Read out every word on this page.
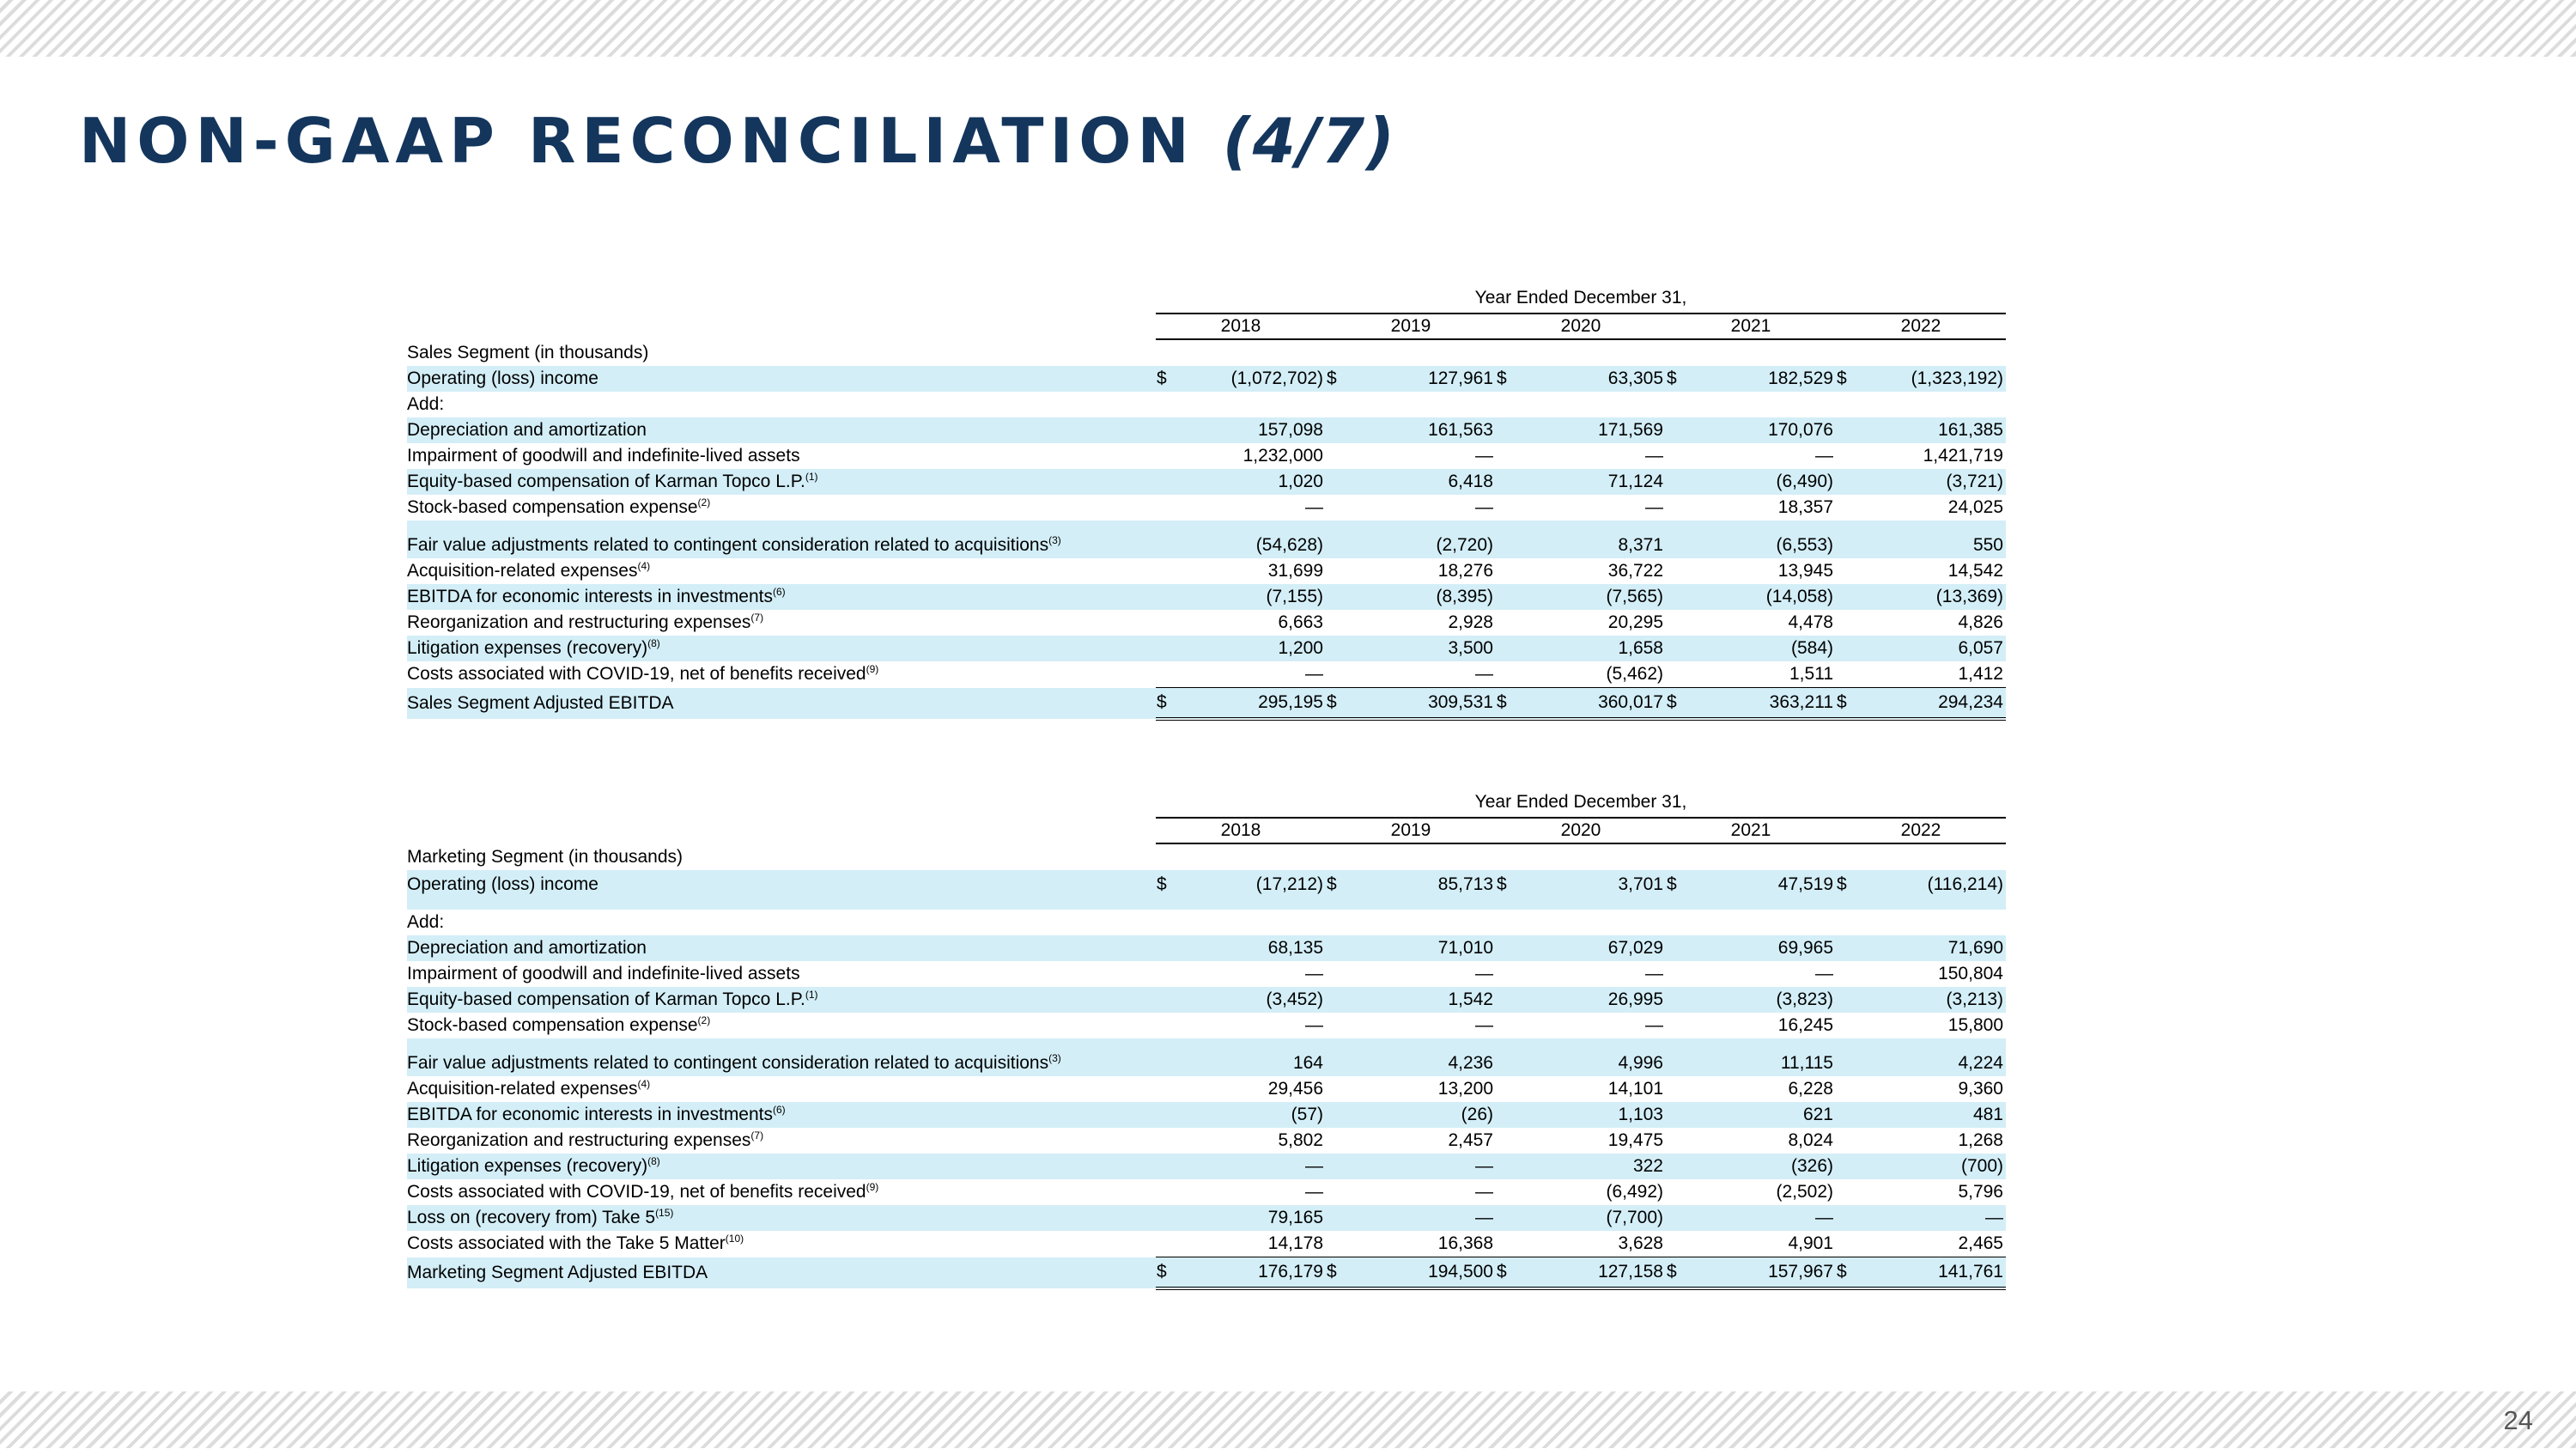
NON-GAAP RECONCILIATION (4/7)
	Year Ended December 31,									
	2018		2019		2020		2021		2022	
Sales Segment (in thousands)										
Operating (loss) income	$	(1,072,702)	$	127,961	$	63,305	$	182,529	$	(1,323,192)
Add:										
Depreciation and amortization		157,098		161,563		171,569		170,076		161,385
Impairment of goodwill and indefinite-lived assets		1,232,000		—		—		—		1,421,719
Equity-based compensation of Karman Topco L.P.$^{(1)}$		1,020		6,418		71,124		(6,490)		(3,721)
Stock-based compensation expense$^{(2)}$		—		—		—		18,357		24,025

Fair value adjustments related to contingent consideration related to acquisitions$^{(3)}$		(54,628)		(2,720)		8,371		(6,553)		550
Acquisition-related expenses$^{(4)}$		31,699		18,276		36,722		13,945		14,542
EBITDA for economic interests in investments$^{(6)}$		(7,155)		(8,395)		(7,565)		(14,058)		(13,369)
Reorganization and restructuring expenses$^{(7)}$		6,663		2,928		20,295		4,478		4,826
Litigation expenses (recovery)$^{(8)}$		1,200		3,500		1,658		(584)		6,057
Costs associated with COVID-19, net of benefits received$^{(9)}$		—		—		(5,462)		1,511		1,412
Sales Segment Adjusted EBITDA	$	295,195	$	309,531	$	360,017	$	363,211	$	294,234
	Year Ended December 31,									
	2018		2019		2020		2021		2022	
Marketing Segment (in thousands)										
Operating (loss) income	$	(17,212)	$	85,713	$	3,701	$	47,519	$	(116,214)
Add:										
Depreciation and amortization		68,135		71,010		67,029		69,965		71,690
Impairment of goodwill and indefinite-lived assets		—		—		—		—		150,804
Equity-based compensation of Karman Topco L.P.$^{(1)}$		(3,452)		1,542		26,995		(3,823)		(3,213)
Stock-based compensation expense$^{(2)}$		—		—		—		16,245		15,800

Fair value adjustments related to contingent consideration related to acquisitions$^{(3)}$		164		4,236		4,996		11,115		4,224
Acquisition-related expenses$^{(4)}$		29,456		13,200		14,101		6,228		9,360
EBITDA for economic interests in investments$^{(6)}$		(57)		(26)		1,103		621		481
Reorganization and restructuring expenses$^{(7)}$		5,802		2,457		19,475		8,024		1,268
Litigation expenses (recovery)$^{(8)}$		—		—		322		(326)		(700)
Costs associated with COVID-19, net of benefits received$^{(9)}$		—		—		(6,492)		(2,502)		5,796
Loss on (recovery from) Take 5$^{(15)}$		79,165		—		(7,700)		—		—
Costs associated with the Take 5 Matter$^{(10)}$		14,178		16,368		3,628		4,901		2,465
Marketing Segment Adjusted EBITDA	$	176,179	$	194,500	$	127,158	$	157,967	$	141,761
24
